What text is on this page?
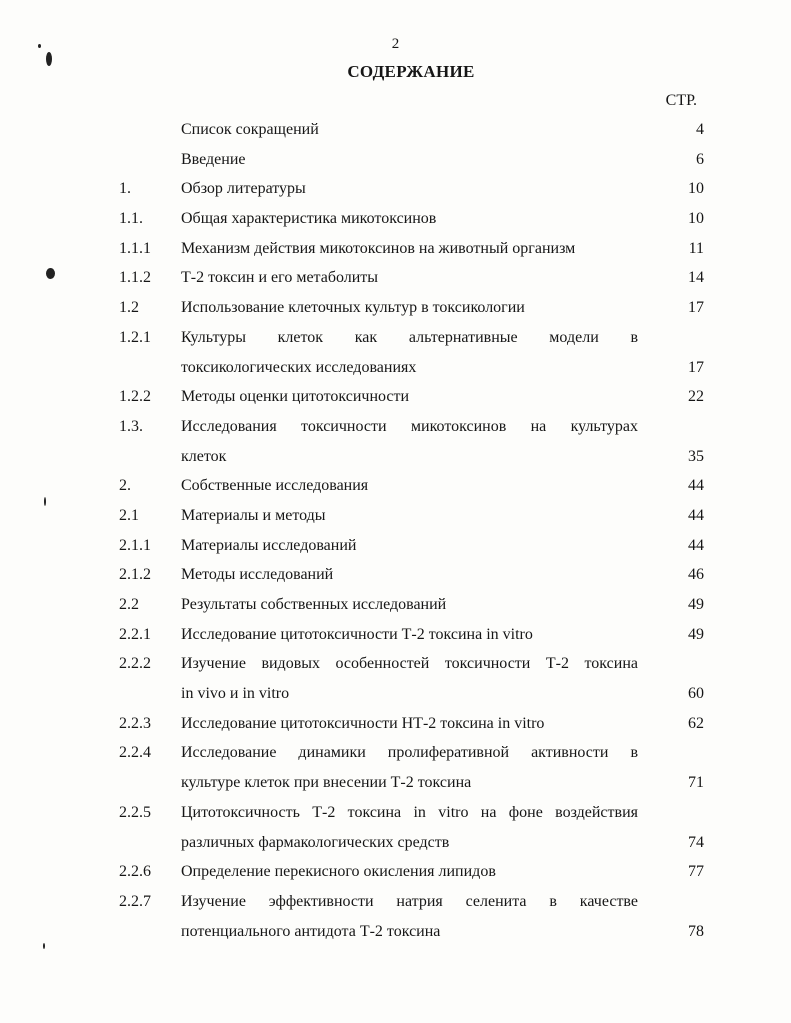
2
СОДЕРЖАНИЕ
СТР.
Список сокращений	4
Введение	6
1.	Обзор литературы	10
1.1. Общая характеристика микотоксинов	10
1.1.1 Механизм действия микотоксинов на животный организм	11
1.1.2 Т-2 токсин и его метаболиты	14
1.2	Использование клеточных культур в токсикологии	17
1.2.1 Культуры клеток как альтернативные модели в
токсикологических исследованиях	17
1.2.2 Методы оценки цитотоксичности	22
1.3. Исследования токсичности микотоксинов на культурах
клеток	35
2.	Собственные исследования	44
2.1	Материалы и методы	44
2.1.1 Материалы исследований	44
2.1.2 Методы исследований	46
2.2	Результаты собственных исследований	49
2.2.1 Исследование цитотоксичности Т-2 токсина in vitro	49
2.2.2 Изучение видовых особенностей токсичности Т-2 токсина
in vivo и in vitro	60
2.2.3 Исследование цитотоксичности НТ-2 токсина in vitro	62
2.2.4 Исследование динамики пролиферативной активности в
культуре клеток при внесении Т-2 токсина	71
2.2.5 Цитотоксичность Т-2 токсина in vitro на фоне воздействия
различных фармакологических средств	74
2.2.6 Определение перекисного окисления липидов	77
2.2.7 Изучение эффективности натрия селенита в качестве
потенциального антидота Т-2 токсина	78
